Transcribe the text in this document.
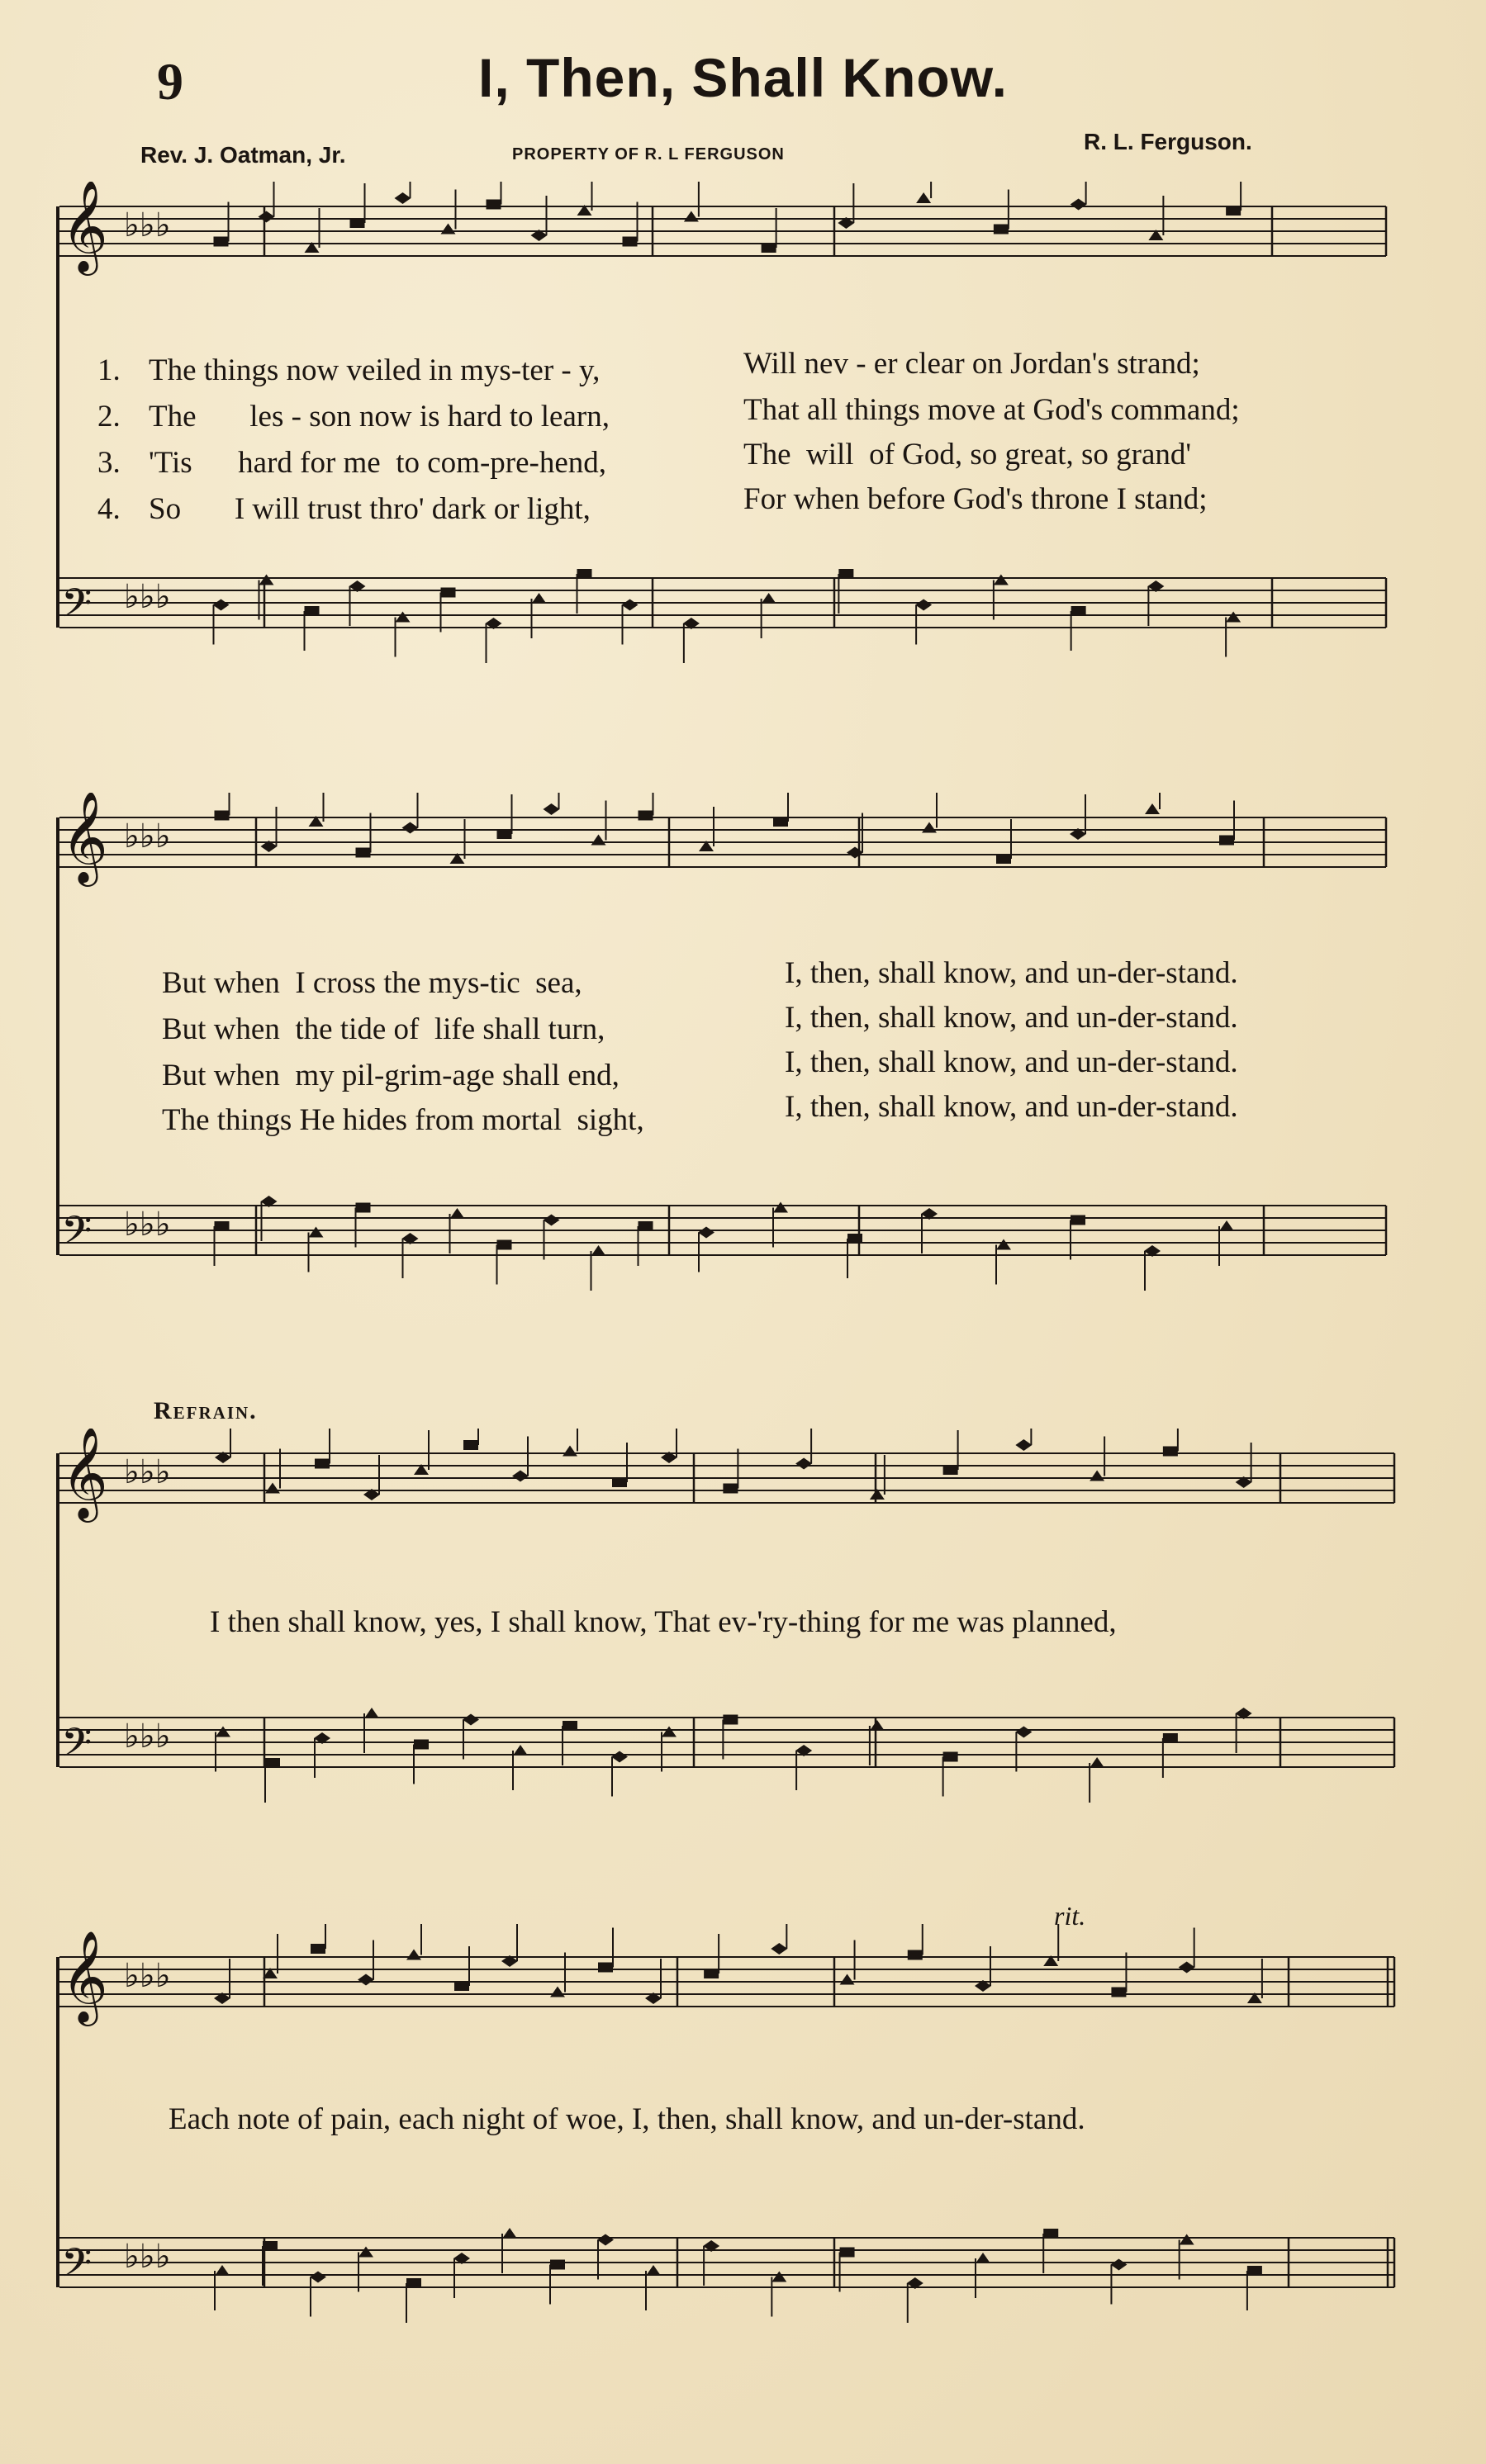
9	I, Then, Shall Know.
Rev. J. Oatman, Jr.	PROPERTY OF R. L FERGUSON	R. L. Ferguson.
𝄞 ♭♭♭
𝄢 ♭♭♭
𝄞 ♭♭♭
𝄢 ♭♭♭
𝄞 ♭♭♭
𝄢 ♭♭♭
𝄞 ♭♭♭
𝄢 ♭♭♭
1. The things now veiled in mys-ter - y,	Will nev - er clear on Jordan's strand;
2. The       les - son now is hard to learn,	That all things move at God's command;
3. 'Tis      hard for me  to com-pre-hend,	The  will  of God, so great, so grand'
4. So       I will trust thro' dark or light,	For when before God's throne I stand;
But when  I cross the mys-tic  sea,	I, then, shall know, and un-der-stand.
But when  the tide of  life shall turn,	I, then, shall know, and un-der-stand.
But when  my pil-grim-age shall end,	I, then, shall know, and un-der-stand.
The things He hides from mortal  sight,	I, then, shall know, and un-der-stand.
Refrain.
I then shall know, yes, I shall know, That ev-'ry-thing for me was planned,
rit.
Each note of pain, each night of woe, I, then, shall know, and un-der-stand.
